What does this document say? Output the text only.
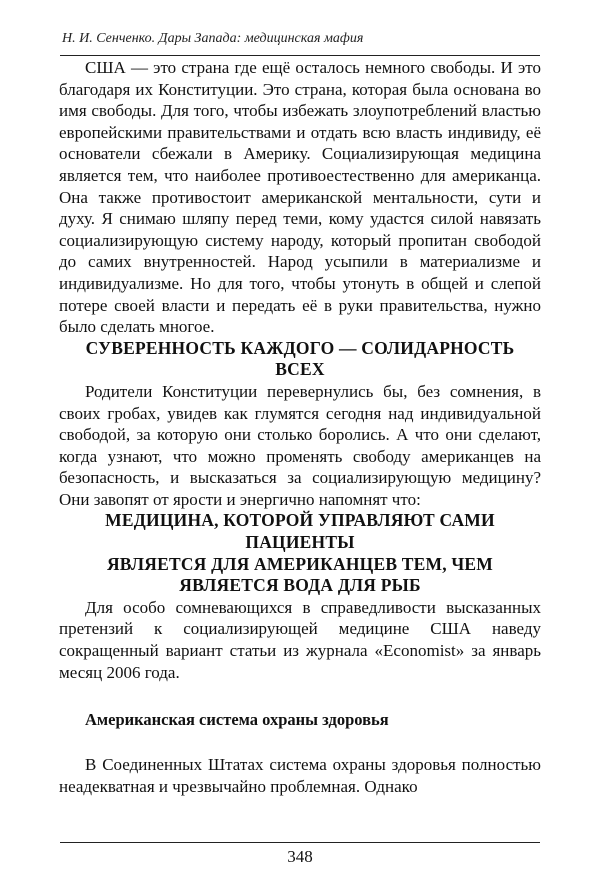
Н. И. Сенченко. Дары Запада: медицинская мафия

США — это страна где ещё осталось немного свободы. И это благодаря их Конституции. Это страна, которая была основана во имя свободы. Для того, чтобы избежать злоупотреблений властью европейскими правительствами и отдать всю власть индивиду, её основатели сбежали в Америку. Социализирующая медицина является тем, что наиболее противоестественно для американца. Она также противостоит американской ментальности, сути и духу. Я снимаю шляпу перед теми, кому удастся силой навязать социализирующую систему народу, который пропитан свободой до самих внутренностей. Народ усыпили в материализме и индивидуализме. Но для того, чтобы утонуть в общей и слепой потере своей власти и передать её в руки правительства, нужно было сделать многое.

СУВЕРЕННОСТЬ КАЖДОГО — СОЛИДАРНОСТЬ ВСЕХ

Родители Конституции перевернулись бы, без сомнения, в своих гробах, увидев как глумятся сегодня над индивидуальной свободой, за которую они столько боролись. А что они сделают, когда узнают, что можно променять свободу американцев на безопасность, и высказаться за социализирующую медицину? Они завопят от ярости и энергично напомнят что:

МЕДИЦИНА, КОТОРОЙ УПРАВЛЯЮТ САМИ ПАЦИЕНТЫ
ЯВЛЯЕТСЯ ДЛЯ АМЕРИКАНЦЕВ ТЕМ, ЧЕМ ЯВЛЯЕТСЯ ВОДА ДЛЯ РЫБ

Для особо сомневающихся в справедливости высказанных претензий к социализирующей медицине США наведу сокращенный вариант статьи из журнала «Economist» за январь месяц 2006 года.

Американская система охраны здоровья

В Соединенных Штатах система охраны здоровья полностью неадекватная и чрезвычайно проблемная. Однако

348
